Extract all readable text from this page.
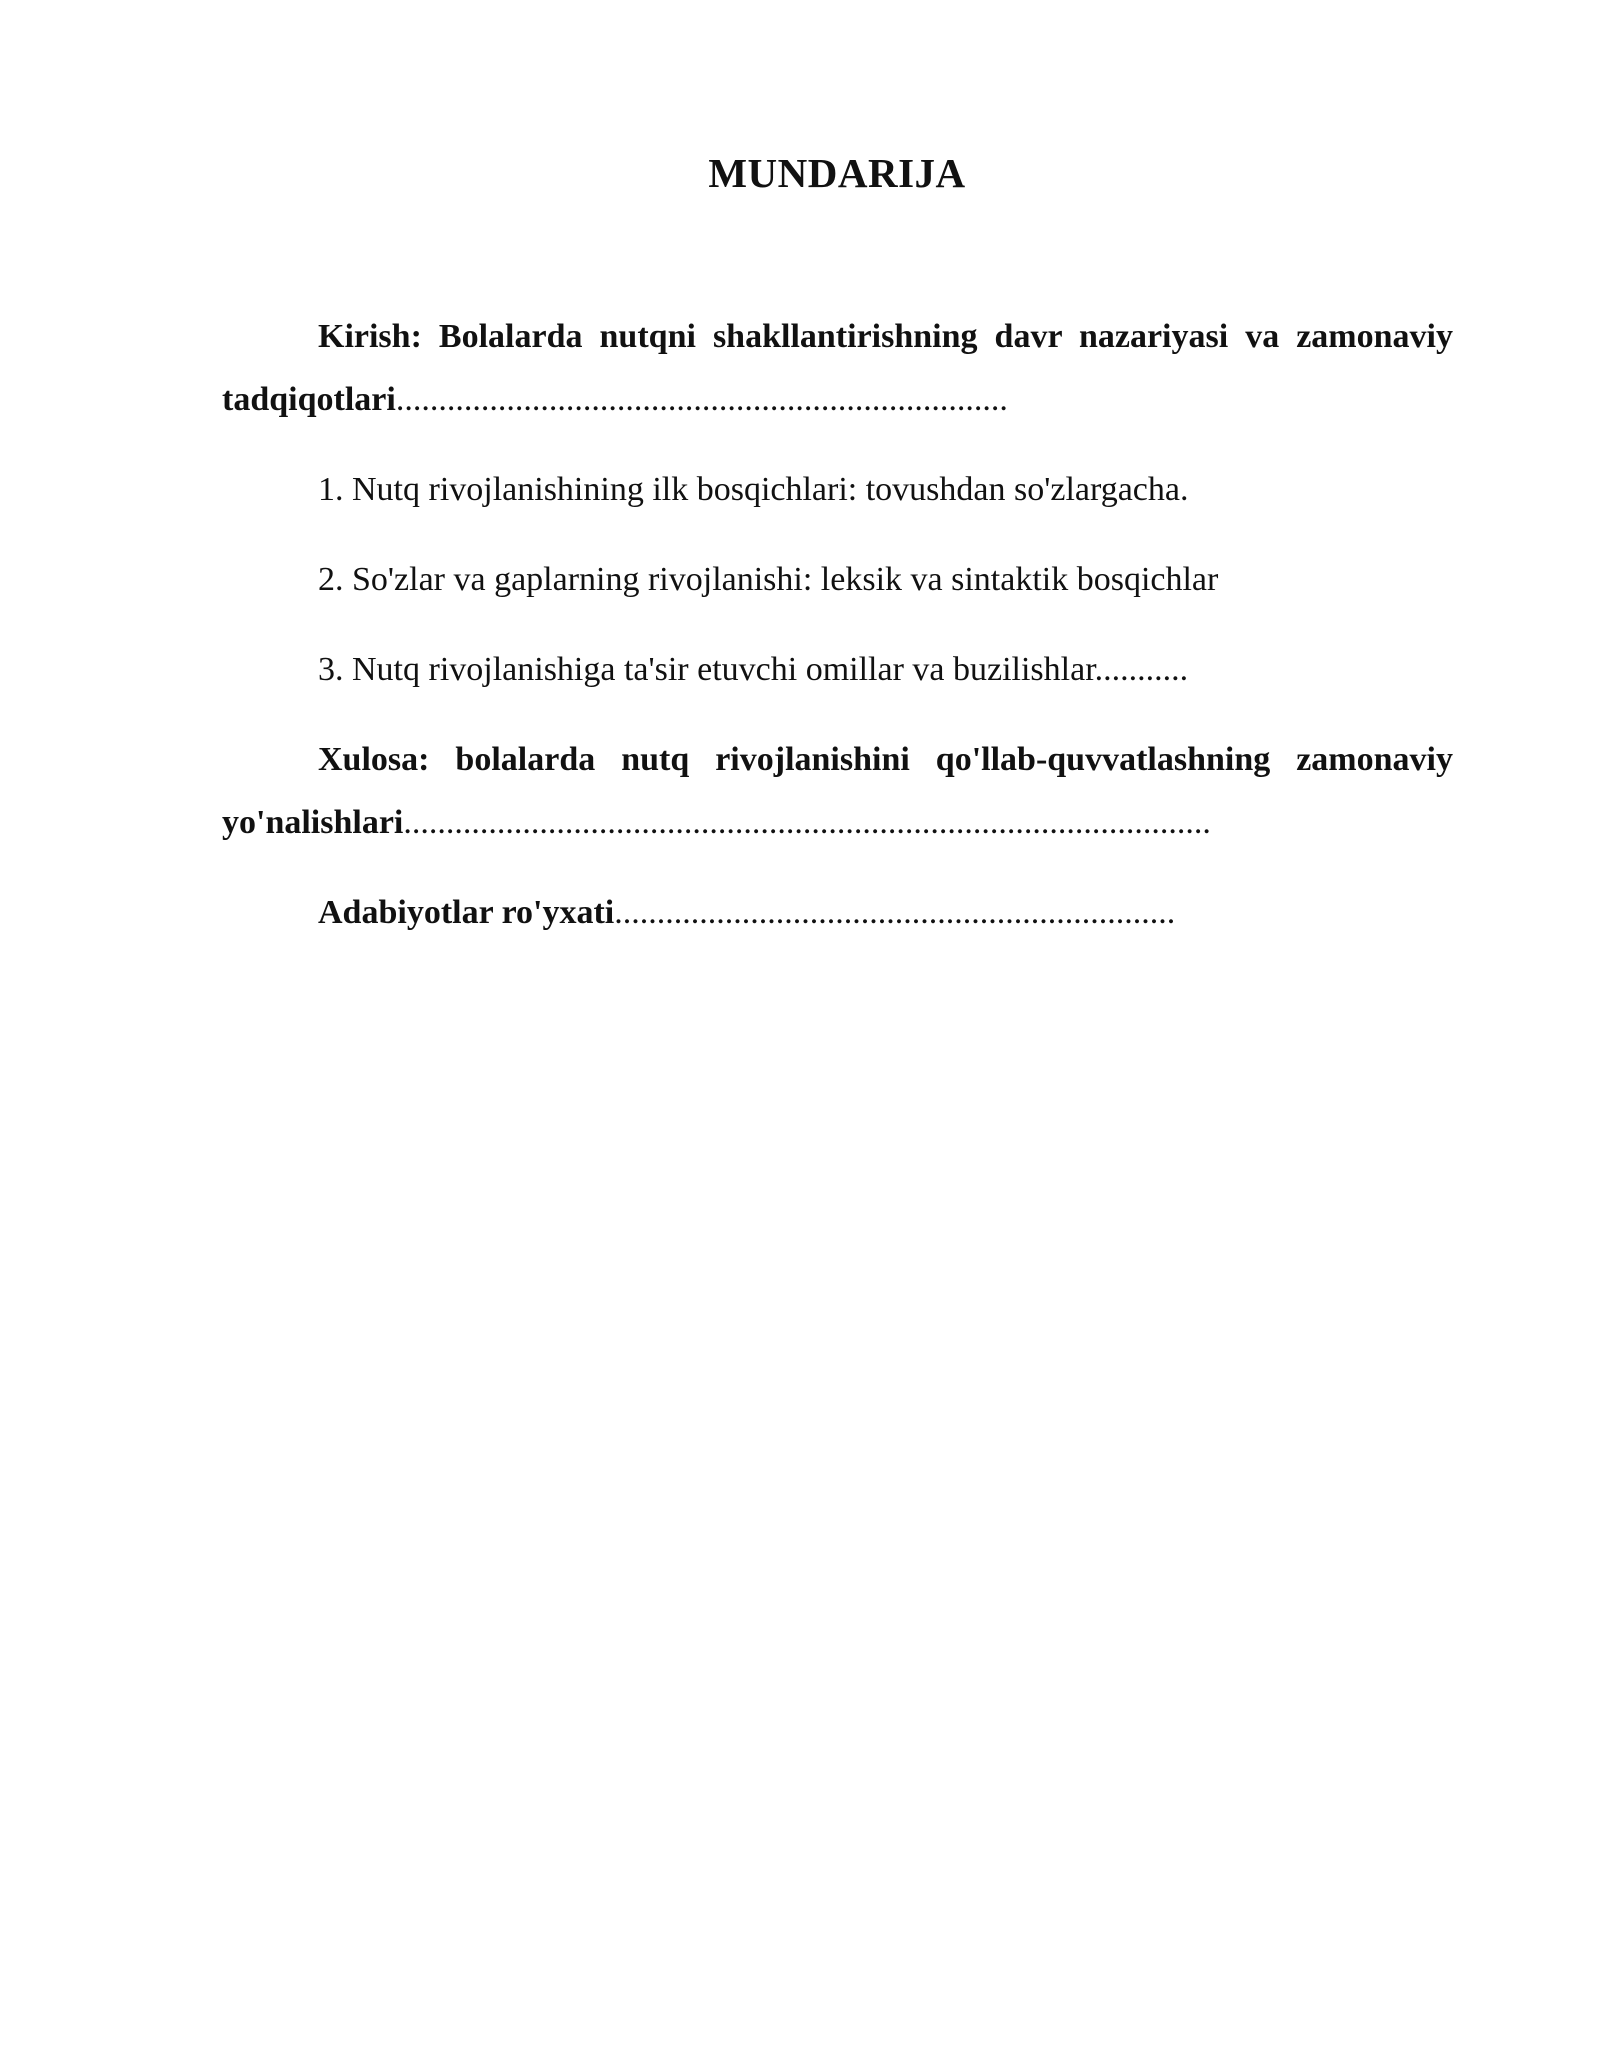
MUNDARIJA

Kirish: Bolalarda nutqni shakllantirishning davr nazariyasi va zamonaviy tadqiqotlari........................................................................

1. Nutq rivojlanishining ilk bosqichlari: tovushdan so'zlargacha.

2. So'zlar va gaplarning rivojlanishi: leksik va sintaktik bosqichlar

3. Nutq rivojlanishiga ta'sir etuvchi omillar va buzilishlar...........

Xulosa: bolalarda nutq rivojlanishini qo'llab-quvvatlashning zamonaviy yo'nalishlari...............................................................................................

Adabiyotlar ro'yxati..................................................................
